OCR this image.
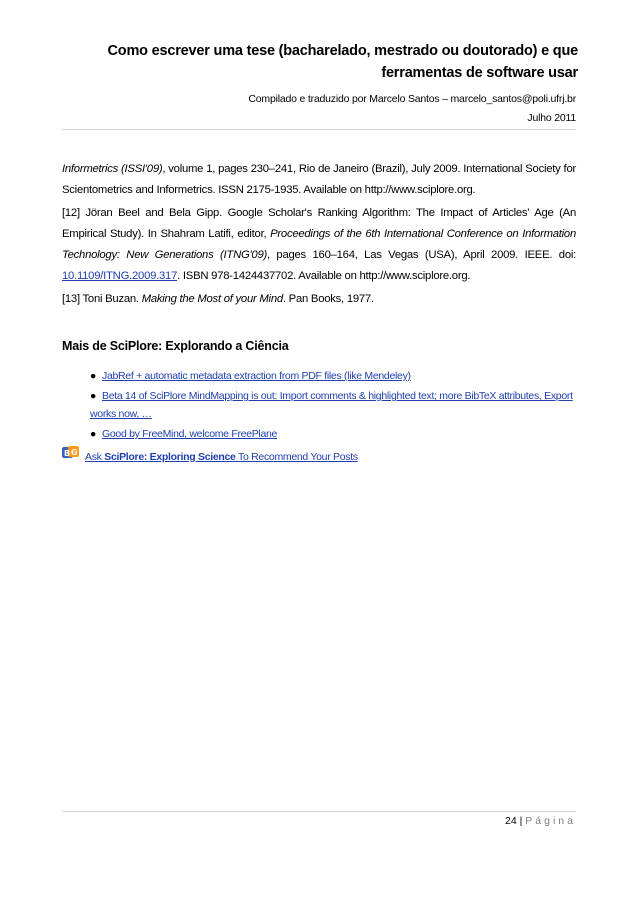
Como escrever uma tese (bacharelado, mestrado ou doutorado) e que
ferramentas de software usar
Compilado e traduzido por Marcelo Santos – marcelo_santos@poli.ufrj.br
Julho 2011

Informetrics (ISSI'09), volume 1, pages 230–241, Rio de Janeiro (Brazil), July 2009. International Society for Scientometrics and Informetrics. ISSN 2175-1935. Available on http://www.sciplore.org.

[12] Jöran Beel and Bela Gipp. Google Scholar's Ranking Algorithm: The Impact of Articles' Age (An Empirical Study). In Shahram Latifi, editor, Proceedings of the 6th International Conference on Information Technology: New Generations (ITNG'09), pages 160–164, Las Vegas (USA), April 2009. IEEE. doi: 10.1109/ITNG.2009.317. ISBN 978-1424437702. Available on http://www.sciplore.org.

[13] Toni Buzan. Making the Most of your Mind. Pan Books, 1977.

Mais de SciPlore: Explorando a Ciência
● JabRef + automatic metadata extraction from PDF files (like Mendeley)
● Beta 14 of SciPlore MindMapping is out: Import comments & highlighted text; more BibTeX attributes, Export works now, …
● Good by FreeMind, welcome FreePlane
B G Ask SciPlore: Exploring Science To Recommend Your Posts
24 | Página
